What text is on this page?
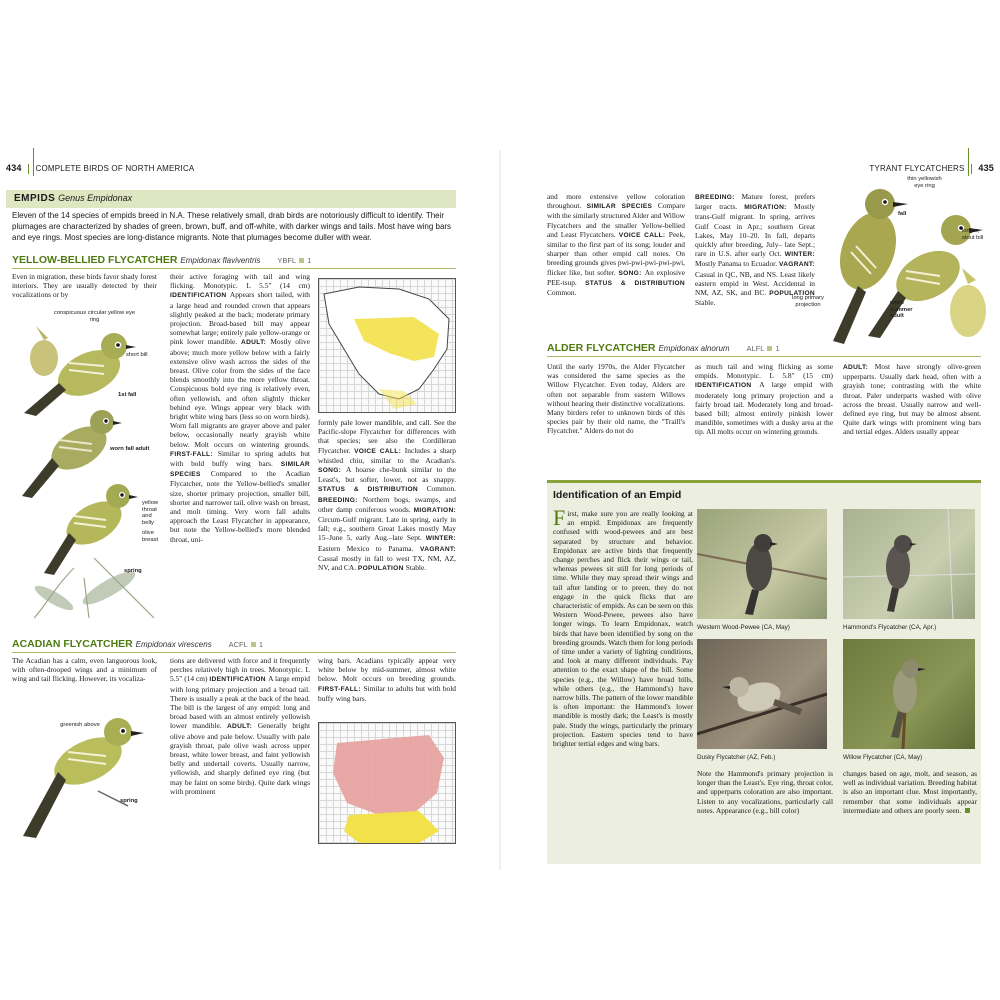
434 COMPLETE BIRDS OF NORTH AMERICA
EMPIDS Genus Empidonax
Eleven of the 14 species of empids breed in N.A. These relatively small, drab birds are notoriously difficult to identify. Their plumages are characterized by shades of green, brown, buff, and off-white, with darker wings and tails. Most have wing bars and eye rings. Most species are long-distance migrants. Note that plumages become duller with wear.
YELLOW-BELLIED FLYCATCHER Empidonax flaviventris YBFL 1
Even in migration, these birds favor shady forest interiors. They are usually detected by their vocalizations or by
conspicuous circular yellow eye ring
short bill
1st fall
worn fall adult
yellow throat and belly
olive breast
spring
their active foraging with tail and wing flicking. Monotypic. L 5.5" (14 cm) IDENTIFICATION Appears short tailed, with a large head and rounded crown that appears slightly peaked at the back; moderate primary projection. Broad-based bill may appear somewhat large; entirely pale yellow-orange or pink lower mandible. ADULT: Mostly olive above; much more yellow below with a fairly extensive olive wash across the sides of the breast. Olive color from the sides of the face blends smoothly into the more yellow throat. Conspicuous bold eye ring is relatively even, often yellowish, and often slightly thicker behind eye. Wings appear very black with bright white wing bars (less so on worn birds). Worn fall migrants are grayer above and paler below, occasionally nearly grayish white below. Molt occurs on wintering grounds. FIRST-FALL: Similar to spring adults but with bold buffy wing bars. SIMILAR SPECIES Compared to the Acadian Flycatcher, note the Yellow-bellied's smaller size, shorter primary projection, smaller bill, shorter and narrower tail, olive wash on breast, and molt timing. Very worn fall adults approach the Least Flycatcher in appearance, but note the Yellow-bellied's more blended throat, uni-
formly pale lower mandible, and call. See the Pacific-slope Flycatcher for differences with that species; see also the Cordilleran Flycatcher. VOICE CALL: Includes a sharp whistled chiu, similar to the Acadian's. SONG: A hoarse che-bunk similar to the Least's, but softer, lower, not as snappy. STATUS & DISTRIBUTION Common. BREEDING: Northern bogs, swamps, and other damp coniferous woods. MIGRATION: Circum-Gulf migrant. Late in spring, early in fall; e.g., southern Great Lakes mostly May 15–June 5, early Aug.–late Sept. WINTER: Eastern Mexico to Panama. VAGRANT: Casual mostly in fall to west TX, NM, AZ, NV, and CA. POPULATION Stable.
ACADIAN FLYCATCHER Empidonax virescens ACFL 1
The Acadian has a calm, even languorous look, with often-drooped wings and a minimum of wing and tail flicking. However, its vocaliza-
greenish above
spring
tions are delivered with force and it frequently perches relatively high in trees. Monotypic. L 5.5" (14 cm) IDENTIFICATION A large empid with long primary projection and a broad tail. There is usually a peak at the back of the head. The bill is the largest of any empid: long and broad based with an almost entirely yellowish lower mandible. ADULT: Generally bright olive above and pale below. Usually with pale grayish throat, pale olive wash across upper breast, white lower breast, and faint yellowish belly and undertail coverts. Usually narrow, yellowish, and sharply defined eye ring (but may be faint on some birds). Quite dark wings with prominent
wing bars. Acadians typically appear very white below by mid-summer, almost white below. Molt occurs on breeding grounds. FIRST-FALL: Similar to adults but with bold buffy wing bars.
TYRANT FLYCATCHERS 435
and more extensive yellow coloration throughout. SIMILAR SPECIES Compare with the similarly structured Alder and Willow Flycatchers and the smaller Yellow-bellied and Least Flycatchers. VOICE CALL: Peek, similar to the first part of its song; louder and sharper than other empid call notes. On breeding grounds gives pwi-pwi-pwi-pwi-pwi, flicker like, but softer. SONG: An explosive PEE-tsup. STATUS & DISTRIBUTION Common.
BREEDING: Mature forest, prefers larger tracts. MIGRATION: Mostly trans-Gulf migrant. In spring, arrives Gulf Coast in Apr.; southern Great Lakes, May 10–20. In fall, departs quickly after breeding, July– late Sept.; rare in U.S. after early Oct. WINTER: Mostly Panama to Ecuador. VAGRANT: Casual in QC, NB, and NS. Least likely eastern empid in West. Accidental in NM, AZ, SK, and BC. POPULATION Stable.
thin yellowish eye ring
fall
longer, stout bill
long primary projection	worn summer adult
ALDER FLYCATCHER Empidonax alnorum ALFL 1
Until the early 1970s, the Alder Flycatcher was considered the same species as the Willow Flycatcher. Even today, Alders are often not separable from eastern Willows without hearing their distinctive vocalizations. Many birders refer to unknown birds of this species pair by their old name, the "Traill's Flycatcher." Alders do not do
as much tail and wing flicking as some empids. Monotypic. L 5.8" (15 cm) IDENTIFICATION A large empid with moderately long primary projection and a fairly broad tail. Moderately long and broad-based bill; almost entirely pinkish lower mandible, sometimes with a dusky area at the tip. All molts occur on wintering grounds.
ADULT: Most have strongly olive-green upperparts. Usually dark head, often with a grayish tone; contrasting with the white throat. Paler underparts washed with olive across the breast. Usually narrow and well-defined eye ring, but may be almost absent. Quite dark wings with prominent wing bars and tertial edges. Alders usually appear
Identification of an Empid
F irst, make sure you are really looking at an empid. Empidonax are frequently confused with wood-pewees and are best separated by structure and behavior. Empidonax are active birds that frequently change perches and flick their wings or tail, whereas pewees sit still for long periods of time. While they may spread their wings and tail after landing or to preen, they do not engage in the quick flicks that are characteristic of empids. As can be seen on this Western Wood-Pewee, pewees also have longer wings. To learn Empidonax, watch birds that have been identified by song on the breeding grounds. Watch them for long periods of time under a variety of lighting conditions, and look at many different individuals. Pay attention to the exact shape of the bill. Some species (e.g., the Willow) have broad bills, while others (e.g., the Hammond's) have narrow bills. The pattern of the lower mandible is often important: the Hammond's lower mandible is mostly dark; the Least's is mostly pale. Study the wings, particularly the primary projection. Eastern species tend to have brighter tertial edges and wing bars.
Western Wood-Pewee (CA, May)	Hammond's Flycatcher (CA, Apr.)
Dusky Flycatcher (AZ, Feb.)	Willow Flycatcher (CA, May)
Note the Hammond's primary projection is longer than the Least's. Eye ring, throat color, and upperparts coloration are also important. Listen to any vocalizations, particularly call notes. Appearance (e.g., bill color)
changes based on age, molt, and season, as well as individual variation. Breeding habitat is also an important clue. Most importantly, remember that some individuals appear intermediate and others are poorly seen.
